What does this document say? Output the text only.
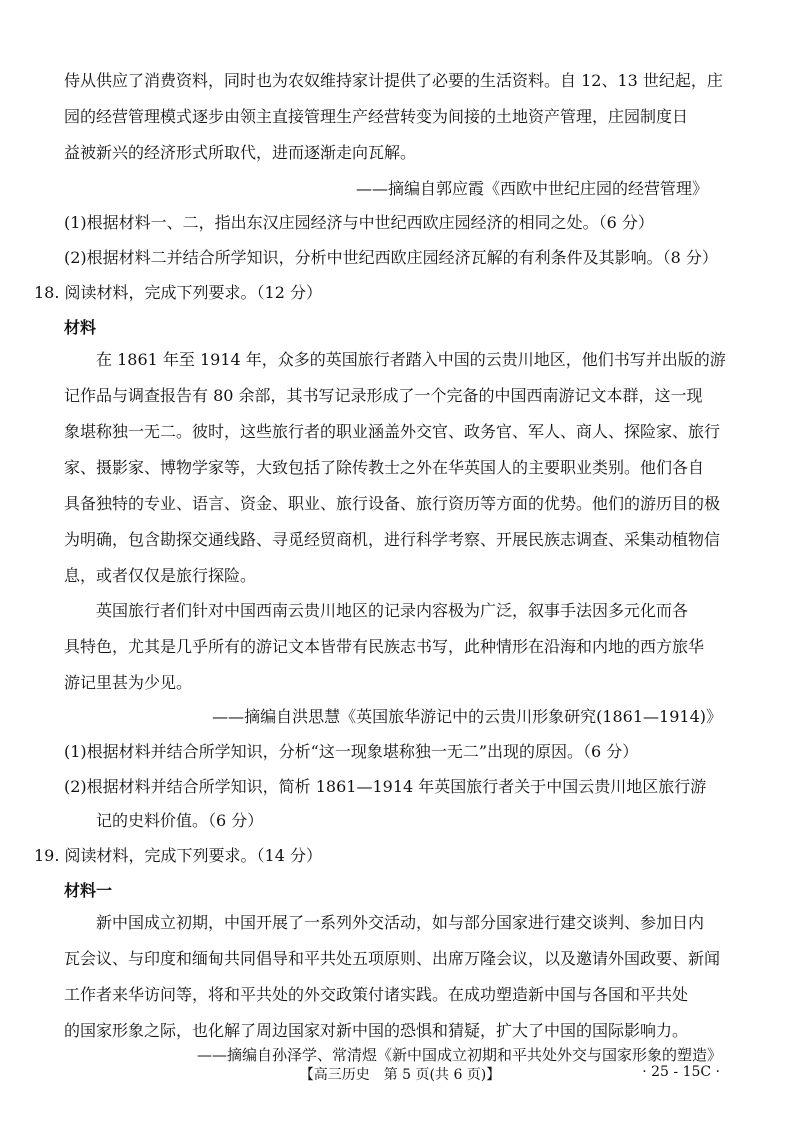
侍从供应了消费资料，同时也为农奴维持家计提供了必要的生活资料。自 12、13 世纪起，庄

园的经营管理模式逐步由领主直接管理生产经营转变为间接的土地资产管理，庄园制度日

益被新兴的经济形式所取代，进而逐渐走向瓦解。

——摘编自郭应霞《西欧中世纪庄园的经营管理》

(1)根据材料一、二，指出东汉庄园经济与中世纪西欧庄园经济的相同之处。（6 分）

(2)根据材料二并结合所学知识，分析中世纪西欧庄园经济瓦解的有利条件及其影响。（8 分）

18. 阅读材料，完成下列要求。（12 分）

材料

在 1861 年至 1914 年，众多的英国旅行者踏入中国的云贵川地区，他们书写并出版的游

记作品与调查报告有 80 余部，其书写记录形成了一个完备的中国西南游记文本群，这一现

象堪称独一无二。彼时，这些旅行者的职业涵盖外交官、政务官、军人、商人、探险家、旅行

家、摄影家、博物学家等，大致包括了除传教士之外在华英国人的主要职业类别。他们各自

具备独特的专业、语言、资金、职业、旅行设备、旅行资历等方面的优势。他们的游历目的极

为明确，包含勘探交通线路、寻觅经贸商机，进行科学考察、开展民族志调查、采集动植物信

息，或者仅仅是旅行探险。

英国旅行者们针对中国西南云贵川地区的记录内容极为广泛，叙事手法因多元化而各

具特色，尤其是几乎所有的游记文本皆带有民族志书写，此种情形在沿海和内地的西方旅华

游记里甚为少见。

——摘编自洪思慧《英国旅华游记中的云贵川形象研究(1861—1914)》

(1)根据材料并结合所学知识，分析“这一现象堪称独一无二”出现的原因。（6 分）

(2)根据材料并结合所学知识，简析 1861—1914 年英国旅行者关于中国云贵川地区旅行游

记的史料价值。（6 分）

19. 阅读材料，完成下列要求。（14 分）

材料一

新中国成立初期，中国开展了一系列外交活动，如与部分国家进行建交谈判、参加日内

瓦会议、与印度和缅甸共同倡导和平共处五项原则、出席万隆会议，以及邀请外国政要、新闻

工作者来华访问等，将和平共处的外交政策付诸实践。在成功塑造新中国与各国和平共处

的国家形象之际，也化解了周边国家对新中国的恐惧和猜疑，扩大了中国的国际影响力。

【高三历史　第 5 页(共 6 页)】	· 25 - 15C ·

——摘编自孙泽学、常清煜《新中国成立初期和平共处外交与国家形象的塑造》
